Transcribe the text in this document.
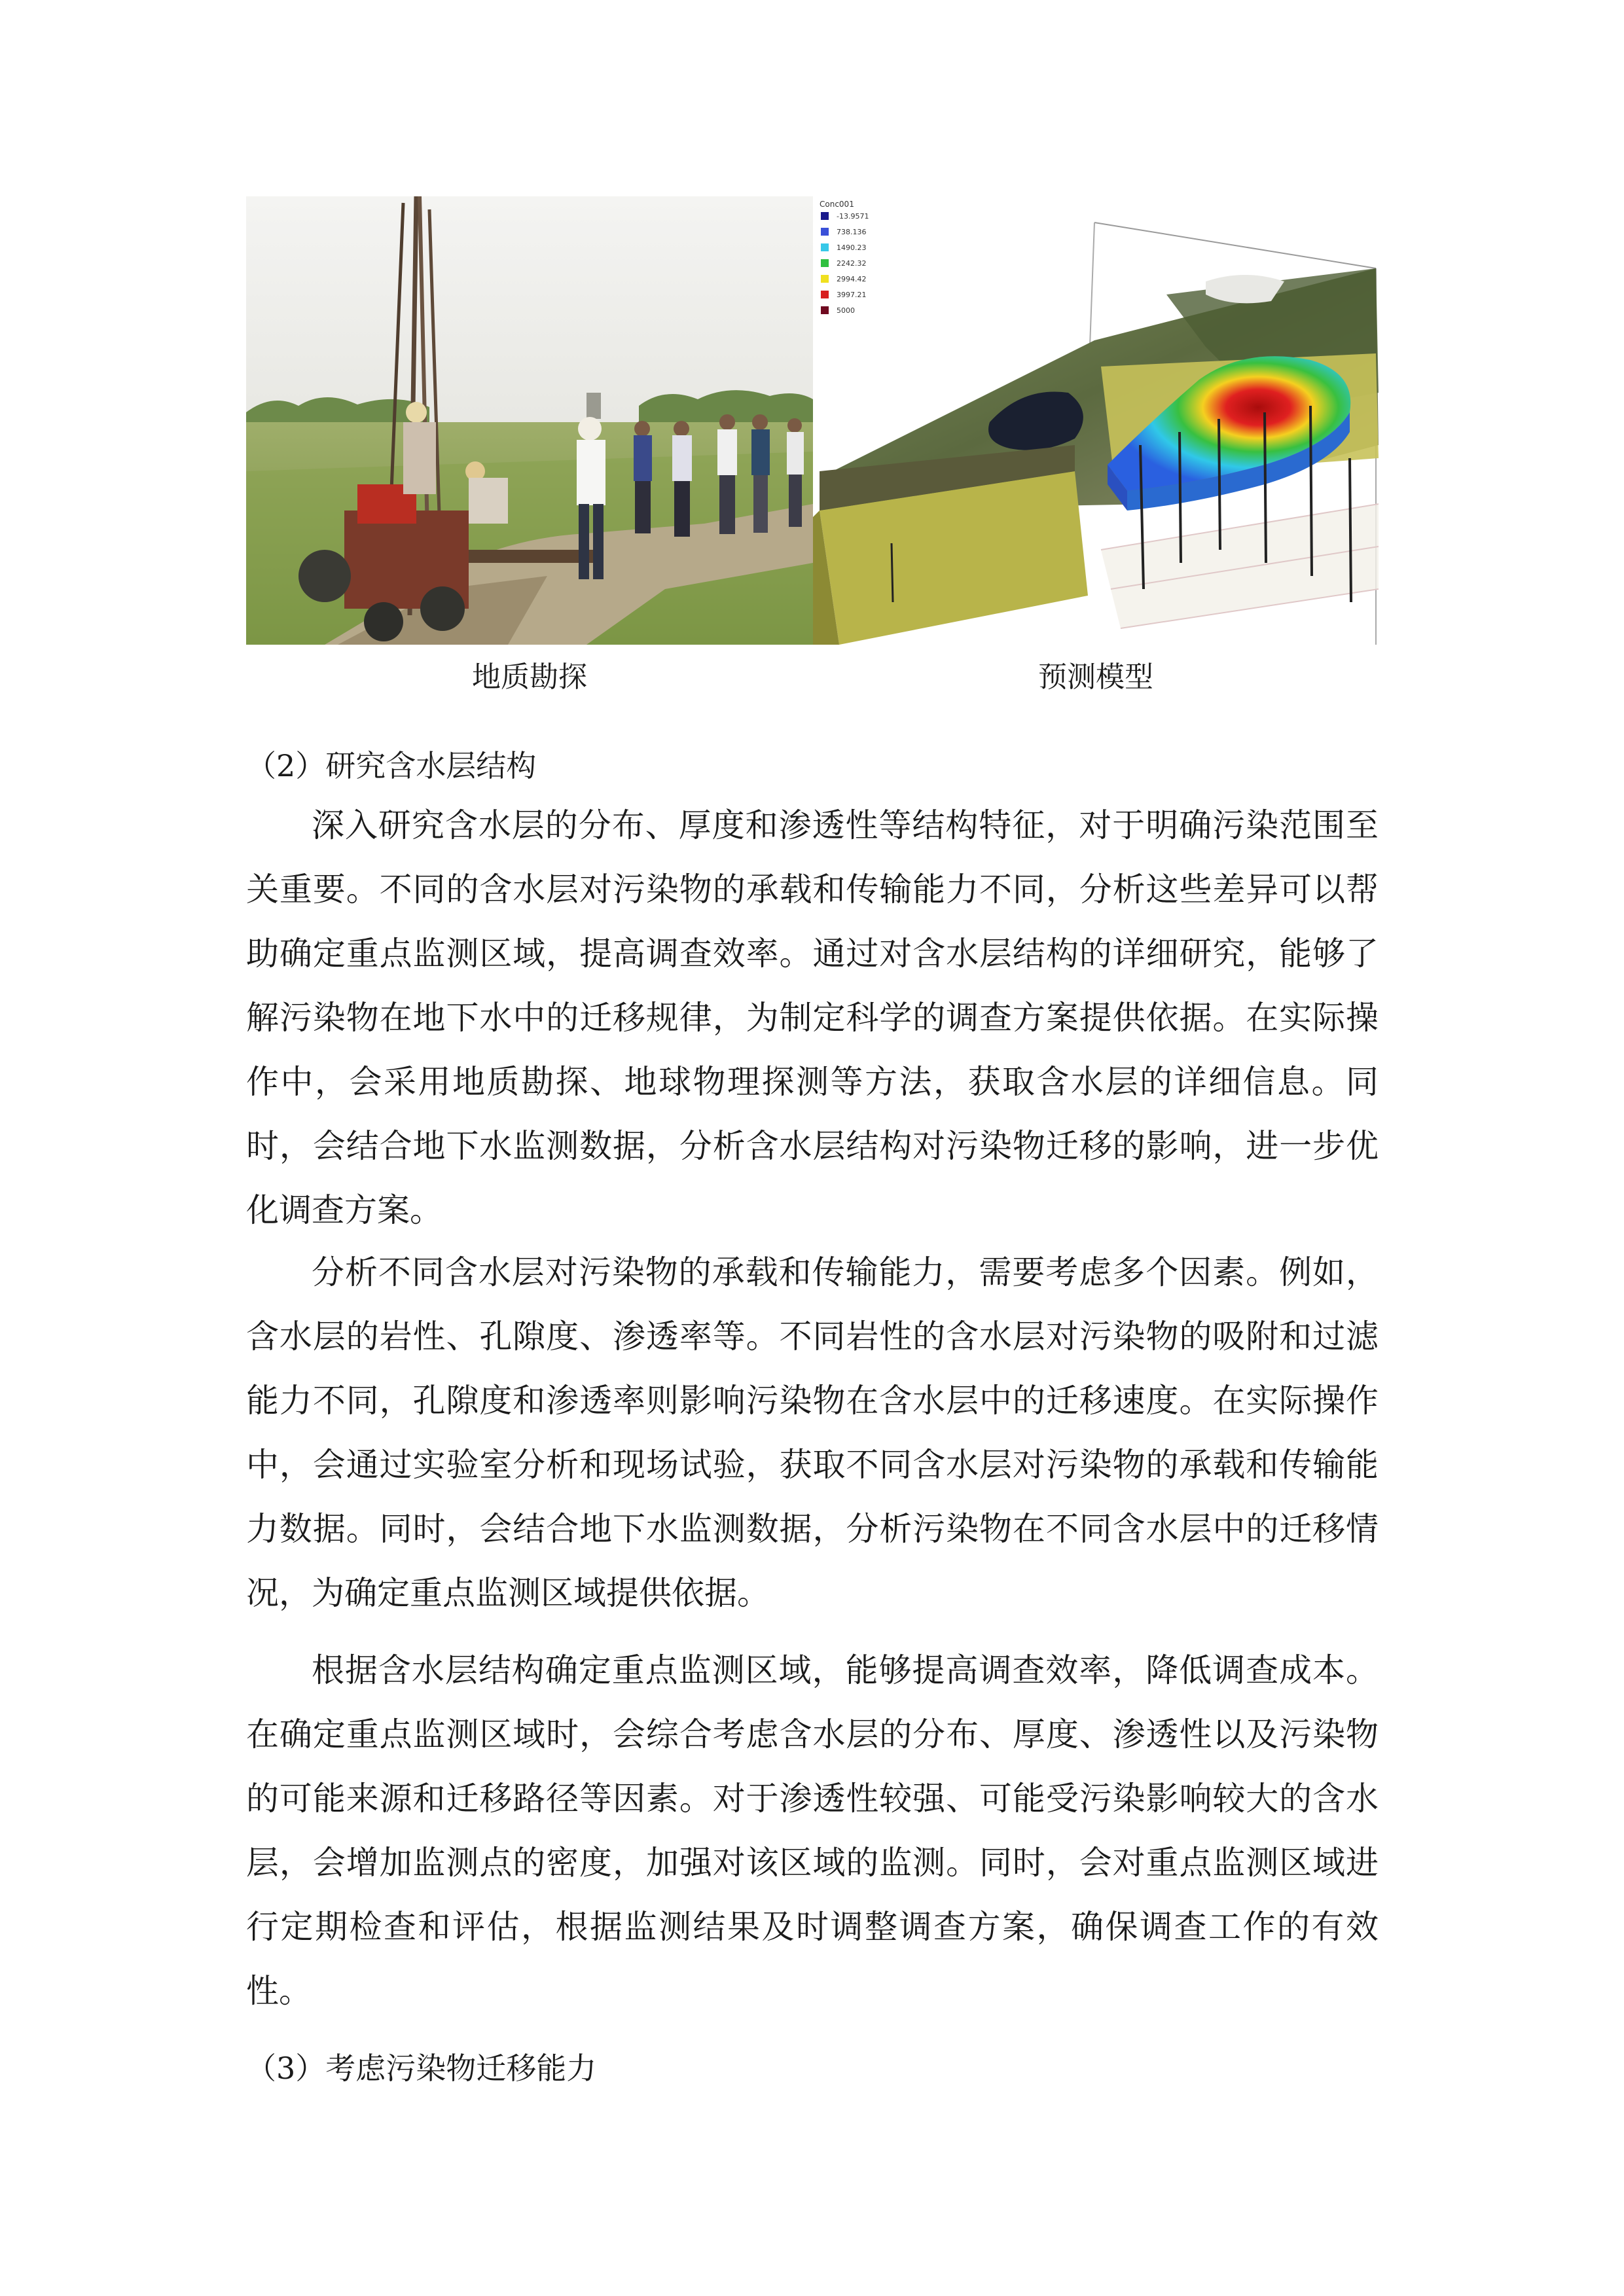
Conc001
-13.9571
738.136
1490.23
2242.32
2994.42
3997.21
5000
地质勘探	预测模型
（2）研究含水层结构

深入研究含水层的分布、厚度和渗透性等结构特征，对于明确污染范围至关重要。不同的含水层对污染物的承载和传输能力不同，分析这些差异可以帮助确定重点监测区域，提高调查效率。通过对含水层结构的详细研究，能够了解污染物在地下水中的迁移规律，为制定科学的调查方案提供依据。在实际操作中，会采用地质勘探、地球物理探测等方法，获取含水层的详细信息。同时，会结合地下水监测数据，分析含水层结构对污染物迁移的影响，进一步优化调查方案。

分析不同含水层对污染物的承载和传输能力，需要考虑多个因素。例如，含水层的岩性、孔隙度、渗透率等。不同岩性的含水层对污染物的吸附和过滤能力不同，孔隙度和渗透率则影响污染物在含水层中的迁移速度。在实际操作中，会通过实验室分析和现场试验，获取不同含水层对污染物的承载和传输能力数据。同时，会结合地下水监测数据，分析污染物在不同含水层中的迁移情况，为确定重点监测区域提供依据。

根据含水层结构确定重点监测区域，能够提高调查效率，降低调查成本。在确定重点监测区域时，会综合考虑含水层的分布、厚度、渗透性以及污染物的可能来源和迁移路径等因素。对于渗透性较强、可能受污染影响较大的含水层，会增加监测点的密度，加强对该区域的监测。同时，会对重点监测区域进行定期检查和评估，根据监测结果及时调整调查方案，确保调查工作的有效性。

（3）考虑污染物迁移能力
